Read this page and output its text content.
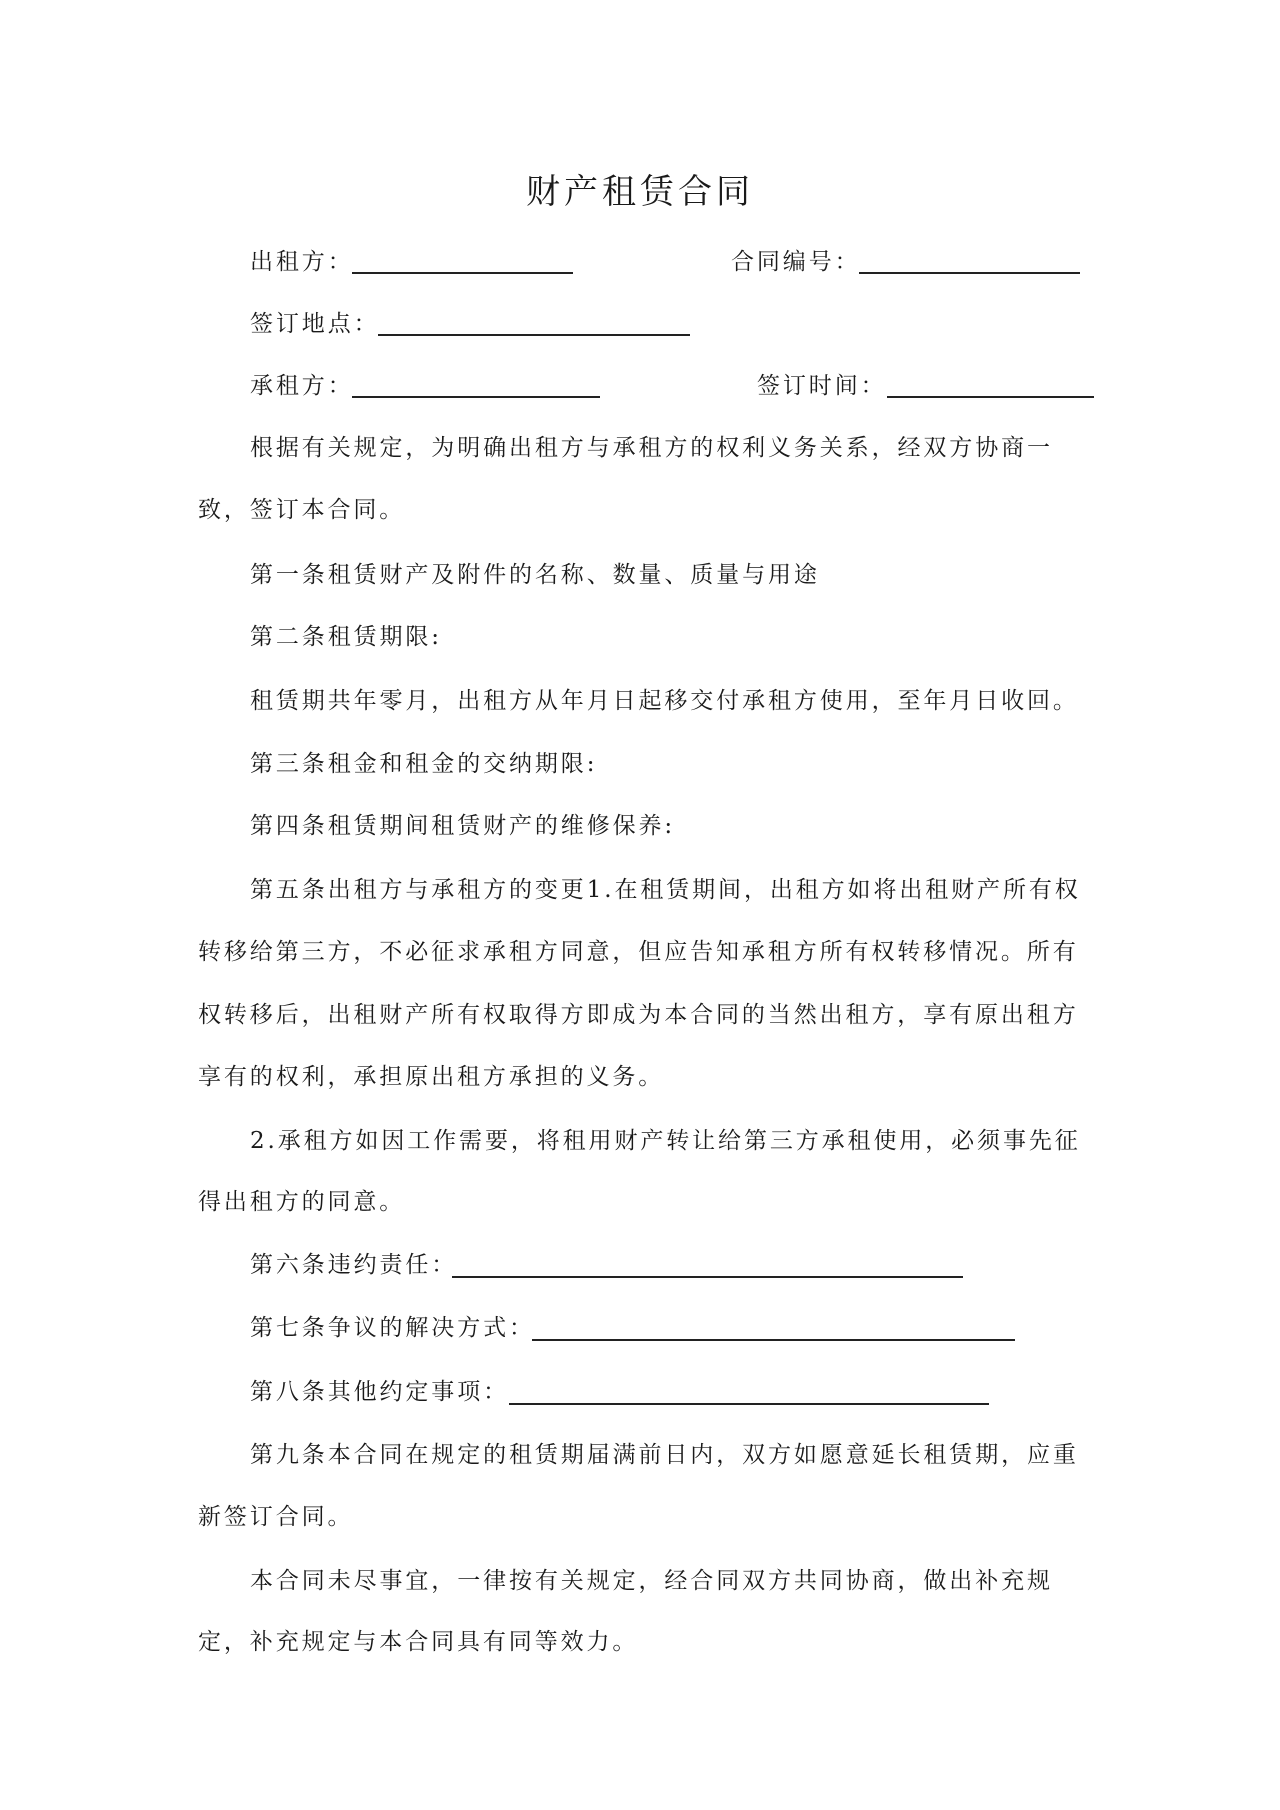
财产租赁合同
出租方：	合同编号：
签订地点：
承租方：	签订时间：
根据有关规定，为明确出租方与承租方的权利义务关系，经双方协商一
致，签订本合同。
第一条租赁财产及附件的名称、数量、质量与用途
第二条租赁期限:
租赁期共年零月，出租方从年月日起移交付承租方使用，至年月日收回。
第三条租金和租金的交纳期限:
第四条租赁期间租赁财产的维修保养:
第五条出租方与承租方的变更1.在租赁期间，出租方如将出租财产所有权
转移给第三方，不必征求承租方同意，但应告知承租方所有权转移情况。所有
权转移后，出租财产所有权取得方即成为本合同的当然出租方，享有原出租方
享有的权利，承担原出租方承担的义务。
2.承租方如因工作需要，将租用财产转让给第三方承租使用，必须事先征
得出租方的同意。
第六条违约责任：
第七条争议的解决方式：
第八条其他约定事项：
第九条本合同在规定的租赁期届满前日内，双方如愿意延长租赁期，应重
新签订合同。
本合同未尽事宜，一律按有关规定，经合同双方共同协商，做出补充规
定，补充规定与本合同具有同等效力。
